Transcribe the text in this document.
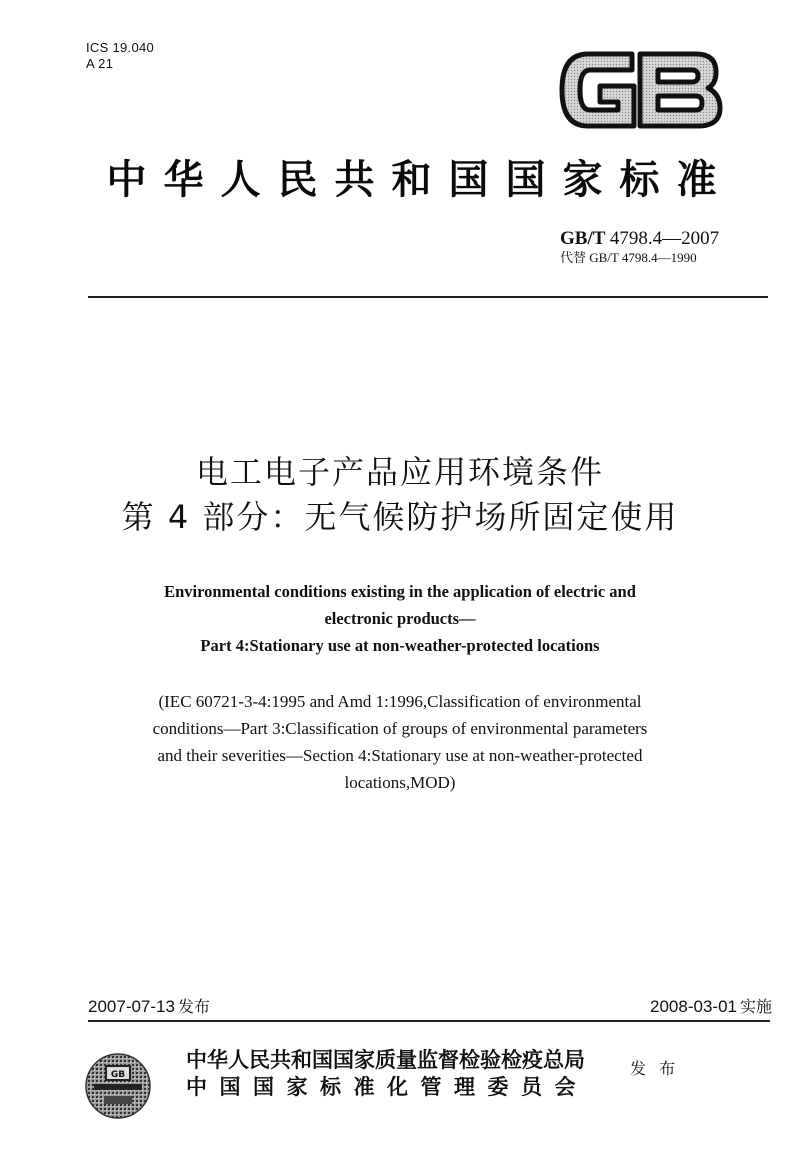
ICS 19.040
A 21
中华人民共和国国家标准
GB/T 4798.4—2007
代替 GB/T 4798.4—1990
电工电子产品应用环境条件
第 4 部分：无气候防护场所固定使用
Environmental conditions existing in the application of electric and
electronic products—
Part 4:Stationary use at non-weather-protected locations
(IEC 60721-3-4:1995 and Amd 1:1996,Classification of environmental
conditions—Part 3:Classification of groups of environmental parameters
and their severities—Section 4:Stationary use at non-weather-protected
locations,MOD)
2007-07-13 发布	2008-03-01 实施
GB
中华人民共和国国家质量监督检验检疫总局
中国国家标准化管理委员会
发 布
